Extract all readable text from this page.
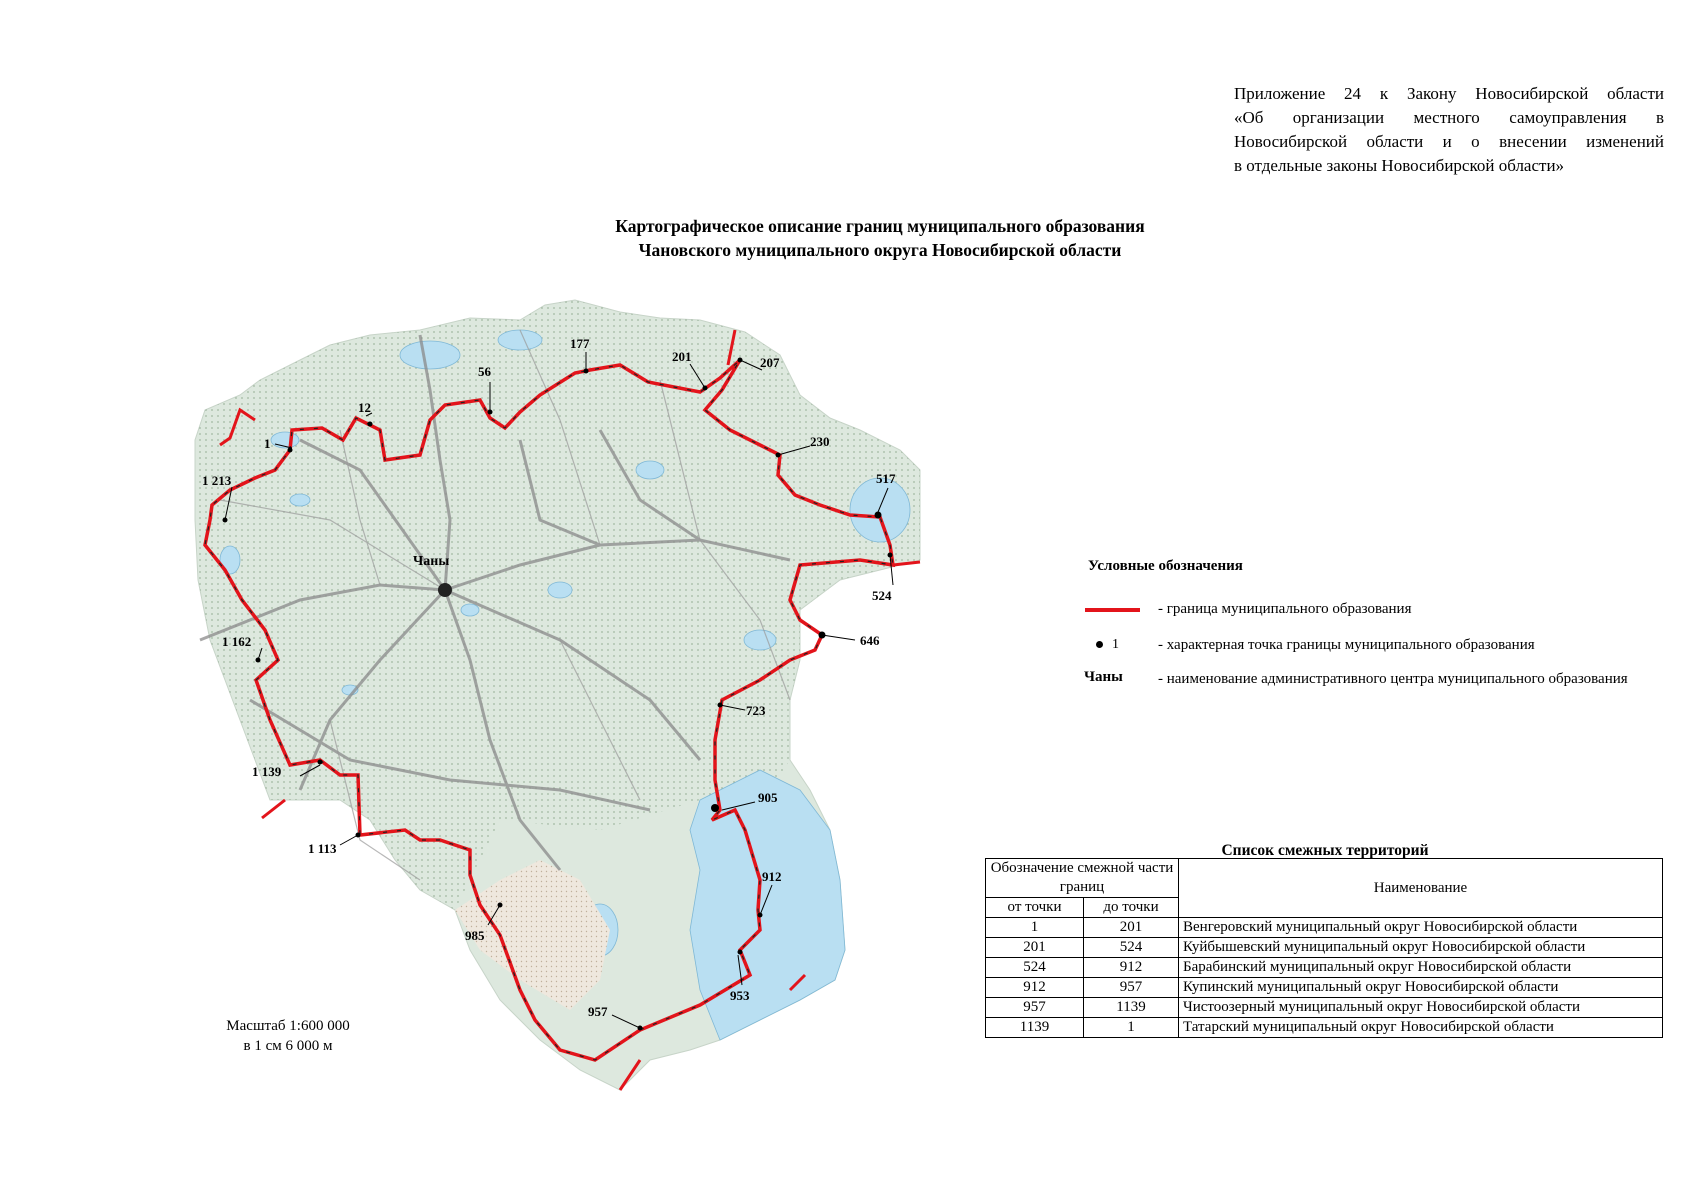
Приложение 24 к Закону Новосибирской области
«Об организации местного самоуправления в
Новосибирской области и о внесении изменений
в отдельные законы Новосибирской области»
Картографическое описание границ муниципального образования
Чановского муниципального округа Новосибирской области
Чаны
1
12
56
177
201	207
230
517
524
646
723
905
912
953
957
985
1 113
1 139
1 162
1 213
Масштаб 1:600 000
в 1 см 6 000 м
Условные обозначения
- граница муниципального образования
1	- характерная точка границы муниципального образования
Чаны - наименование административного центра муниципального образования
Список смежных территорий
Обозначение смежной части границ		Наименование
от точки	до точки	
1	201	Венгеровский муниципальный округ Новосибирской области
201	524	Куйбышевский муниципальный округ Новосибирской области
524	912	Барабинский муниципальный округ Новосибирской области
912	957	Купинский муниципальный округ Новосибирской области
957	1139	Чистоозерный муниципальный округ Новосибирской области
1139	1	Татарский муниципальный округ Новосибирской области
